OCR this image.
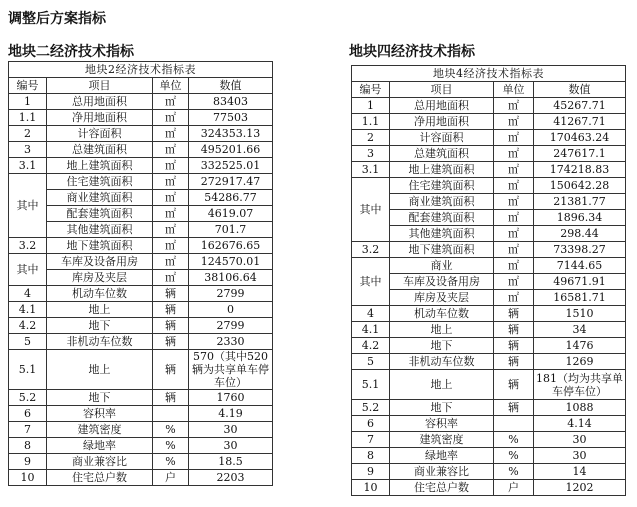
调整后方案指标
地块二经济技术指标	地块四经济技术指标
地块2经济技术指标表			
编号	项目	单位	数值
1	总用地面积	㎡	83403
1.1	净用地面积	㎡	77503
2	计容面积	㎡	324353.13
3	总建筑面积	㎡	495201.66
3.1	地上建筑面积	㎡	332525.01
其中	住宅建筑面积	㎡	272917.47
	商业建筑面积	㎡	54286.77
	配套建筑面积	㎡	4619.07
	其他建筑面积	㎡	701.7
3.2	地下建筑面积	㎡	162676.65
其中	车库及设备用房	㎡	124570.01
	库房及夹层	㎡	38106.64
4	机动车位数	辆	2799
4.1	地上	辆	0
4.2	地下	辆	2799
5	非机动车位数	辆	2330
5.1	地上	辆	570（其中520辆为共享单车停车位）
5.2	地下	辆	1760
6	容积率		4.19
7	建筑密度	%	30
8	绿地率	%	30
9	商业兼容比	%	18.5
10	住宅总户数	户	2203
地块4经济技术指标表			
编号	项目	单位	数值
1	总用地面积	㎡	45267.71
1.1	净用地面积	㎡	41267.71
2	计容面积	㎡	170463.24
3	总建筑面积	㎡	247617.1
3.1	地上建筑面积	㎡	174218.83
其中	住宅建筑面积	㎡	150642.28
	商业建筑面积	㎡	21381.77
	配套建筑面积	㎡	1896.34
	其他建筑面积	㎡	298.44
3.2	地下建筑面积	㎡	73398.27
其中	商业	㎡	7144.65
	车库及设备用房	㎡	49671.91
	库房及夹层	㎡	16581.71
4	机动车位数	辆	1510
4.1	地上	辆	34
4.2	地下	辆	1476
5	非机动车位数	辆	1269
5.1	地上	辆	181（均为共享单车停车位）
5.2	地下	辆	1088
6	容积率		4.14
7	建筑密度	%	30
8	绿地率	%	30
9	商业兼容比	%	14
10	住宅总户数	户	1202
